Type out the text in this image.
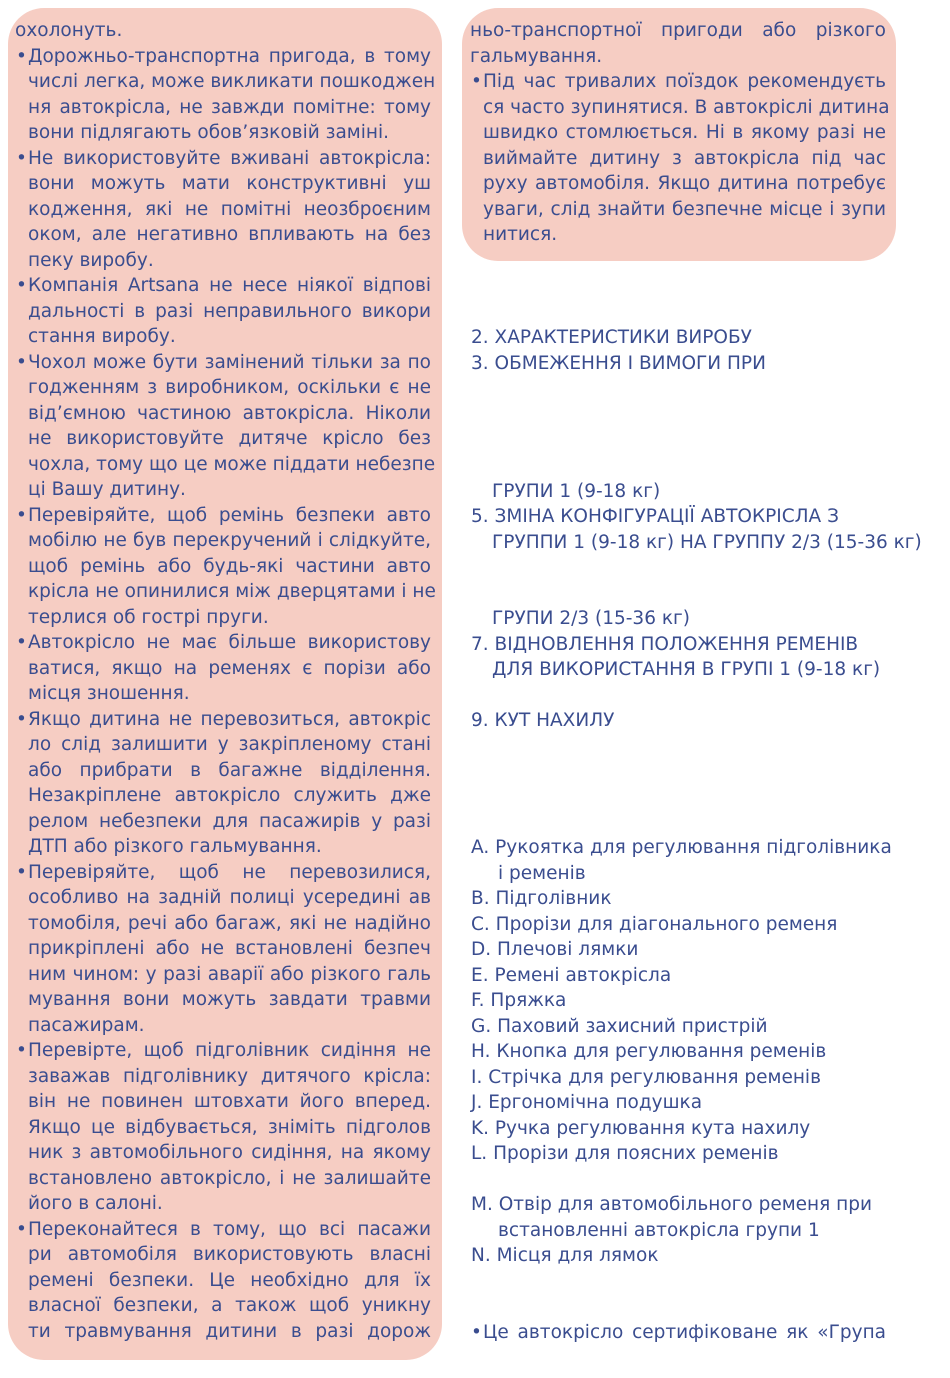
охолонуть.
• Дорожньо-транспортна пригода, в тому
числі легка, може викликати пошкоджен
ня автокрісла, не завжди помітне: тому
вони підлягають обов’язковій заміні.
• Не використовуйте вживані автокрісла:
вони можуть мати конструктивні уш
кодження, які не помітні неозброєним
оком, але негативно впливають на без
пеку виробу.
• Компанія Artsana не несе ніякої відпові
дальності в разі неправильного викори
стання виробу.
• Чохол може бути замінений тільки за по
годженням з виробником, оскільки є не
від’ємною частиною автокрісла. Ніколи
не використовуйте дитяче крісло без
чохла, тому що це може піддати небезпе
ці Вашу дитину.
• Перевіряйте, щоб ремінь безпеки авто
мобілю не був перекручений і слідкуйте,
щоб ремінь або будь-які частини авто
крісла не опинилися між дверцятами і не
терлися об гострі пруги.
• Автокрісло не має більше використову
ватися, якщо на ременях є порізи або
місця зношення.
• Якщо дитина не перевозиться, автокріс
ло слід залишити у закріпленому стані
або прибрати в багажне відділення.
Незакріплене автокрісло служить дже
релом небезпеки для пасажирів у разі
ДТП або різкого гальмування.
• Перевіряйте, щоб не перевозилися,
особливо на задній полиці усередині ав
томобіля, речі або багаж, які не надійно
прикріплені або не встановлені безпеч
ним чином: у разі аварії або різкого галь
мування вони можуть завдати травми
пасажирам.
• Перевірте, щоб підголівник сидіння не
заважав підголівнику дитячого крісла:
він не повинен штовхати його вперед.
Якщо це відбувається, зніміть підголов
ник з автомобільного сидіння, на якому
встановлено автокрісло, і не залишайте
його в салоні.
• Переконайтеся в тому, що всі пасажи
ри автомобіля використовують власні
ремені безпеки. Це необхідно для їх
власної безпеки, а також щоб уникну
ти травмування дитини в разі дорож
ньо-транспортної пригоди або різкого
гальмування.
• Під час тривалих поїздок рекомендуєть
ся часто зупинятися. В автокріслі дитина
швидко стомлюється. Ні в якому разі не
виймайте дитину з автокрісла під час
руху автомобіля. Якщо дитина потребує
уваги, слід знайти безпечне місце і зупи
нитися.
2. ХАРАКТЕРИСТИКИ ВИРОБУ
3. ОБМЕЖЕННЯ І ВИМОГИ ПРИ
ГРУПИ 1 (9-18 кг)
5. ЗМІНА КОНФІГУРАЦІЇ АВТОКРІСЛА З
ГРУППИ 1 (9-18 кг) НА ГРУППУ 2/3 (15-36 кг)
ГРУПИ 2/3 (15-36 кг)
7. ВІДНОВЛЕННЯ ПОЛОЖЕННЯ РЕМЕНІВ
ДЛЯ ВИКОРИСТАННЯ В ГРУПІ 1 (9-18 кг)
9. КУТ НАХИЛУ
A. Рукоятка для регулювання підголівника
і ременів
B. Підголівник
C. Прорізи для діагонального ременя
D. Плечові лямки
E. Ремені автокрісла
F. Пряжка
G. Паховий захисний пристрій
H. Кнопка для регулювання ременів
I. Стрічка для регулювання ременів
J. Ергономічна подушка
K. Ручка регулювання кута нахилу
L. Прорізи для поясних ременів
M. Отвір для автомобільного ременя при
встановленні автокрісла групи 1
N. Місця для лямок
• Це автокрісло сертифіковане як «Група
